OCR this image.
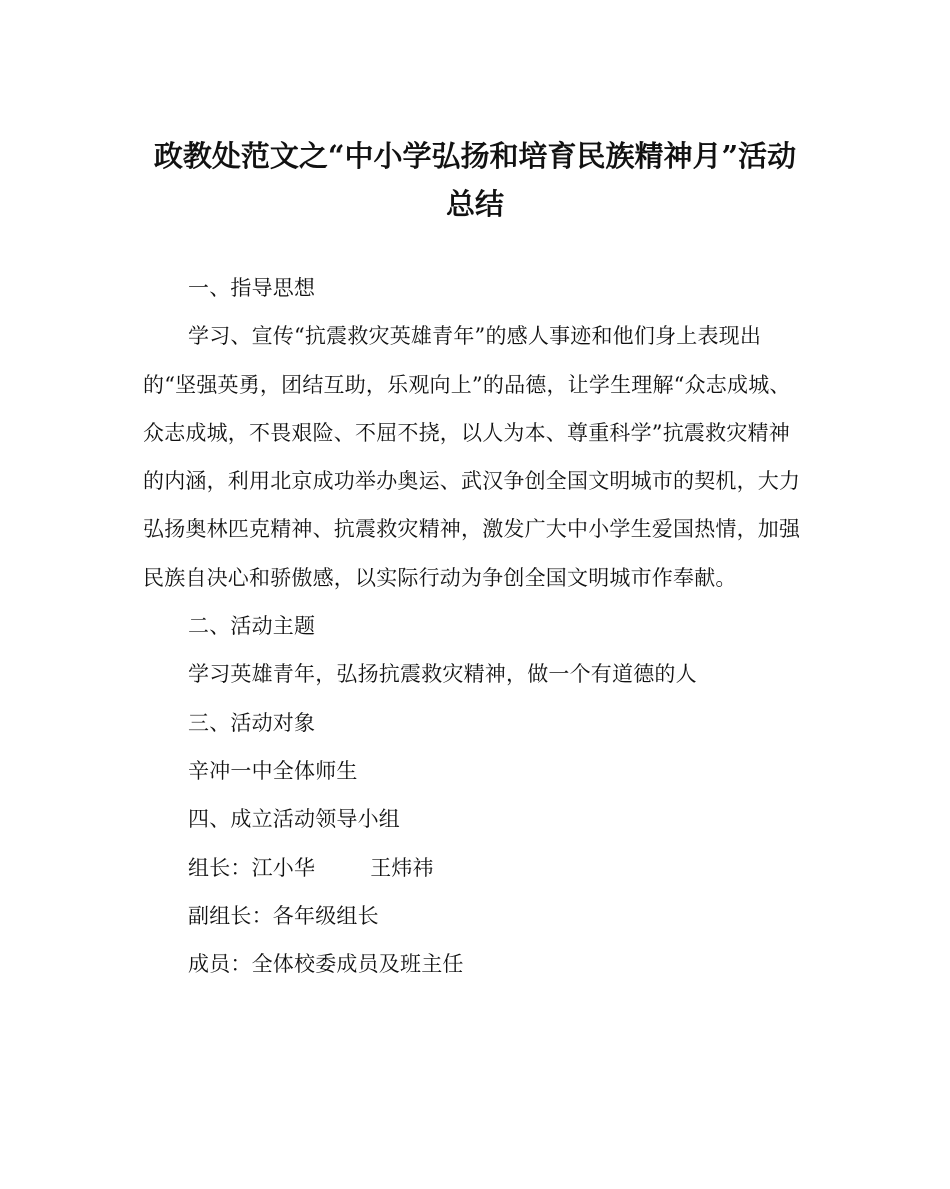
政教处范文之“中小学弘扬和培育民族精神月”活动
总结

一、指导思想

学习、宣传“抗震救灾英雄青年”的感人事迹和他们身上表现出的“坚强英勇，团结互助，乐观向上”的品德，让学生理解“众志成城、众志成城，不畏艰险、不屈不挠，以人为本、尊重科学”抗震救灾精神的内涵，利用北京成功举办奥运、武汉争创全国文明城市的契机，大力弘扬奥林匹克精神、抗震救灾精神，激发广大中小学生爱国热情，加强民族自决心和骄傲感，以实际行动为争创全国文明城市作奉献。

二、活动主题

学习英雄青年，弘扬抗震救灾精神，做一个有道德的人

三、活动对象

辛冲一中全体师生

四、成立活动领导小组

组长：江小华	王炜祎

副组长：各年级组长

成员：全体校委成员及班主任
